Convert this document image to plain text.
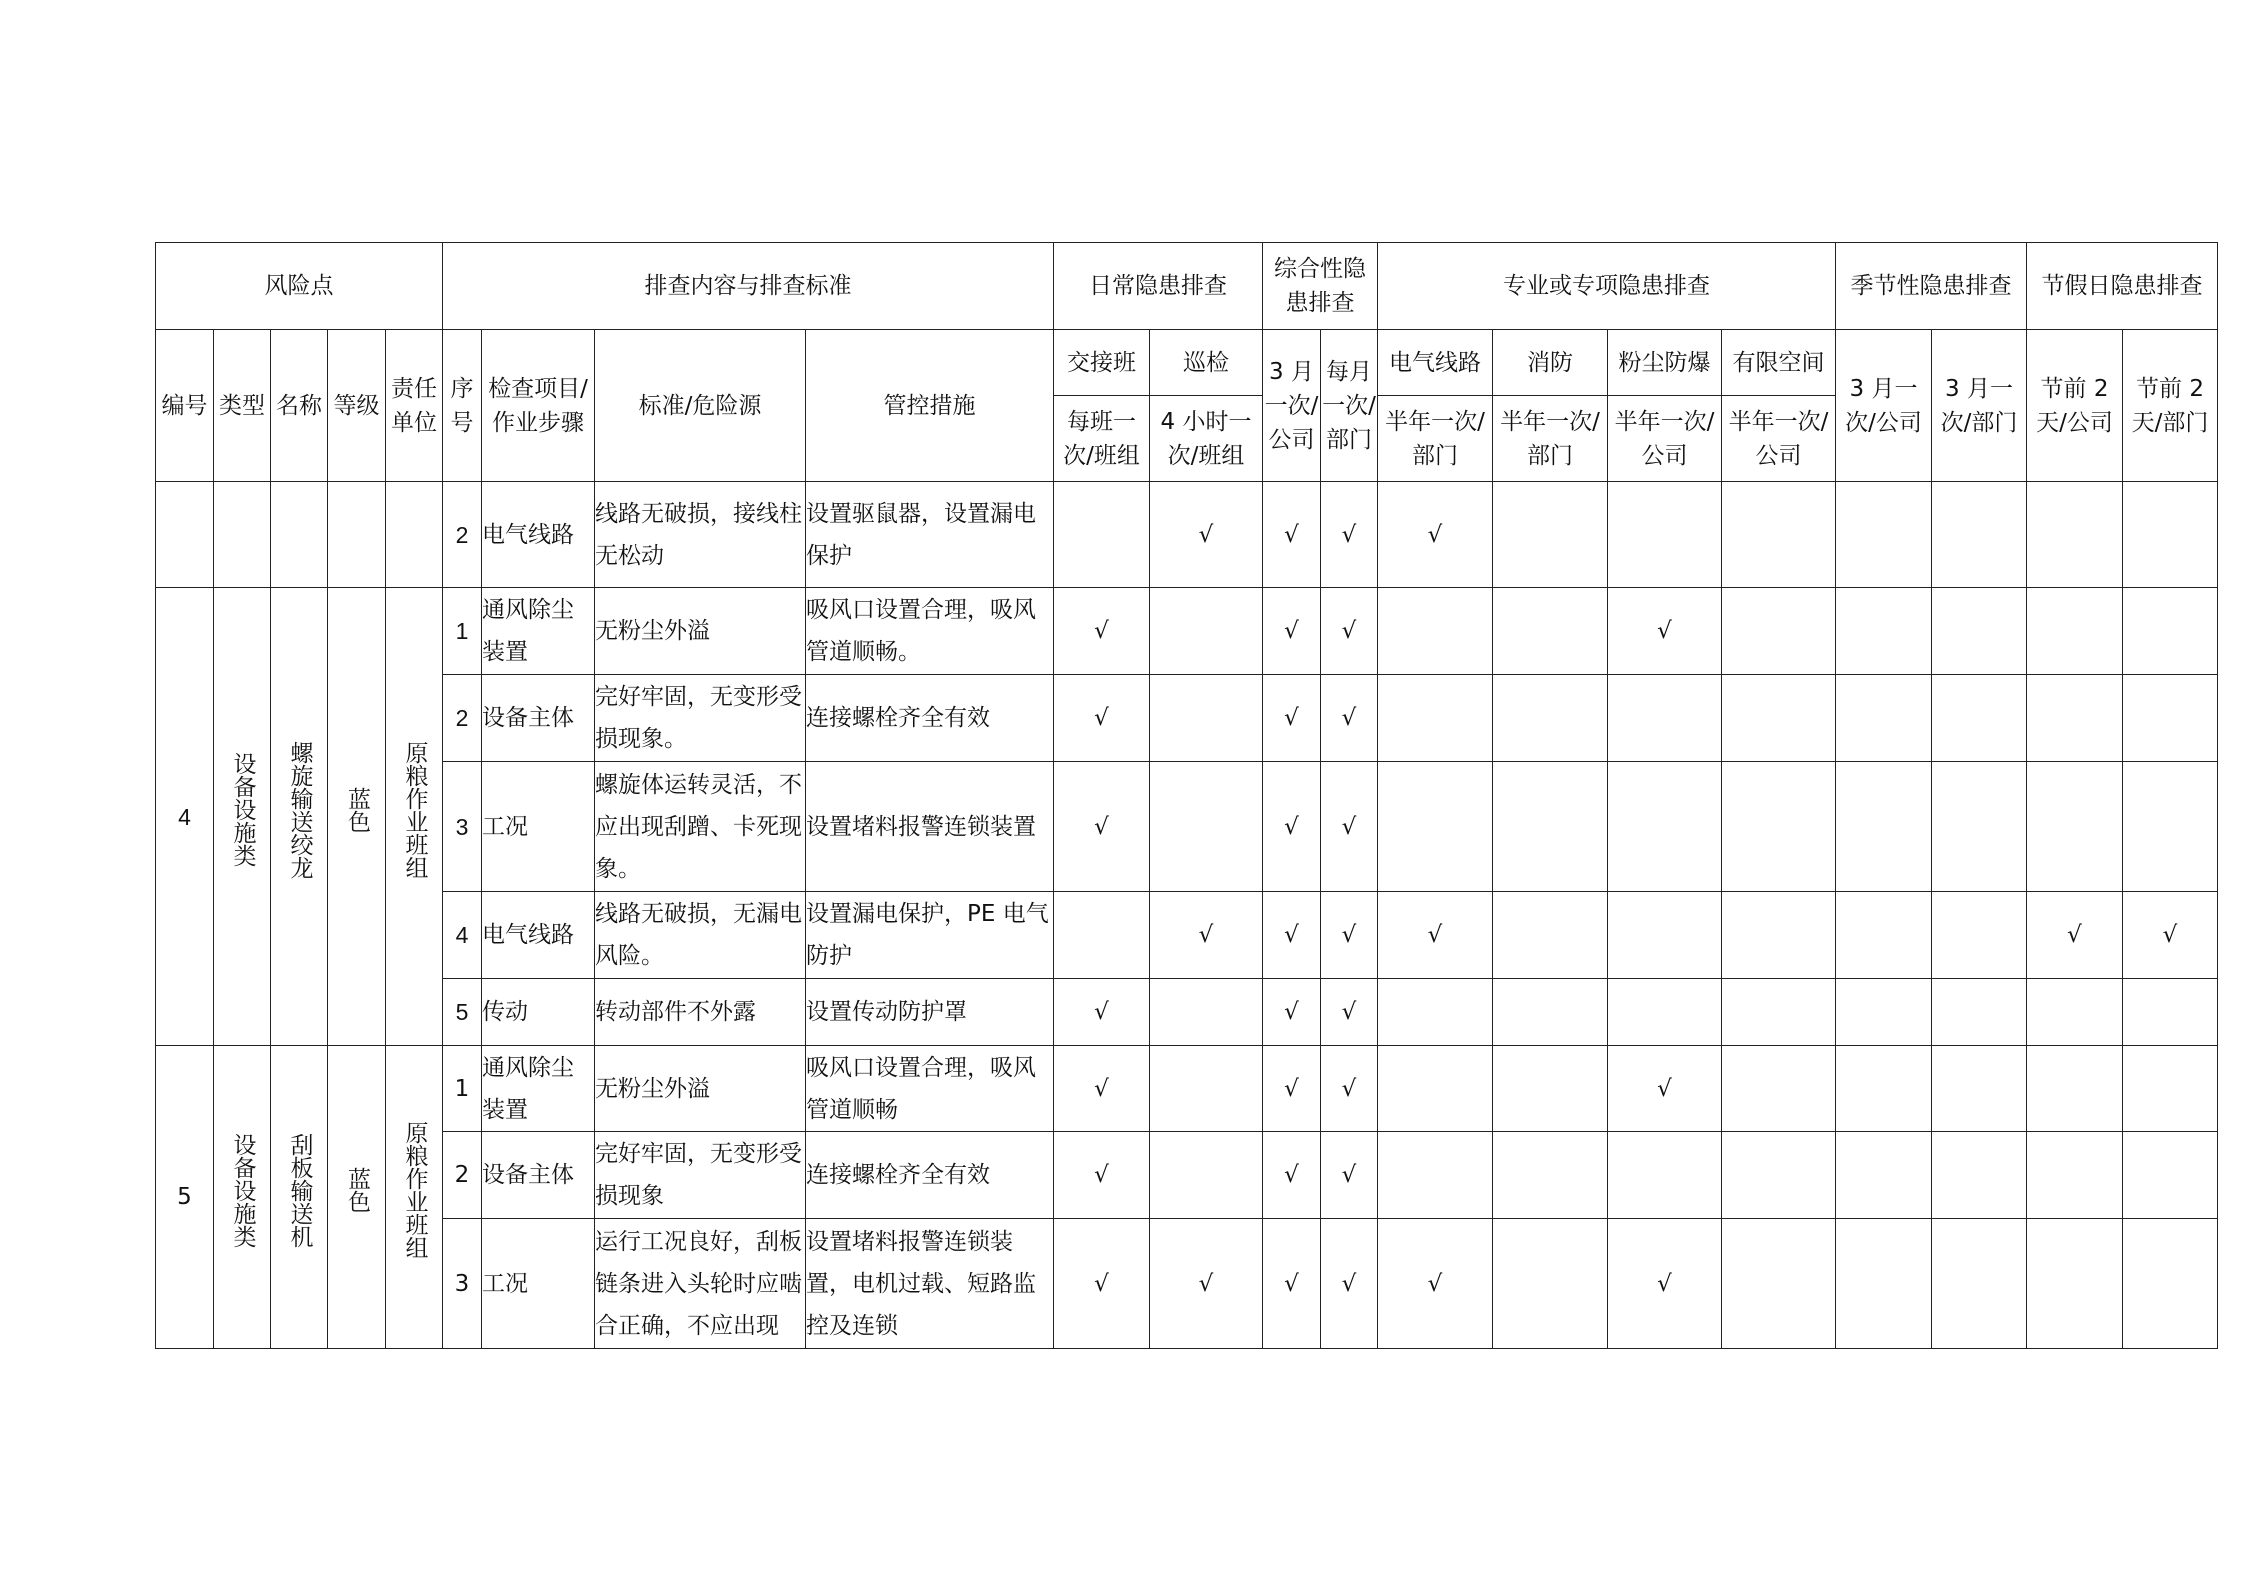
风险点					排查内容与排查标准				日常隐患排查		综合性隐患排查		专业或专项隐患排查				季节性隐患排查		节假日隐患排查	
编号	类型	名称	等级	责任单位	序号	检查项目/作业步骤	标准/危险源	管控措施	交接班	巡检	3 月一次/公司	每月一次/部门	电气线路	消防	粉尘防爆	有限空间	3 月一次/公司	3 月一次/部门	节前 2 天/公司	节前 2 天/部门
									每班一次/班组	4 小时一次/班组			半年一次/部门	半年一次/部门	半年一次/公司	半年一次/公司				
					2	电气线路	线路无破损，接线柱无松动	设置驱鼠器，设置漏电保护		√	√	√	√							
4	设备设施类	螺旋输送绞龙	蓝色	原粮作业班组	1	通风除尘装置	无粉尘外溢	吸风口设置合理，吸风管道顺畅。	√		√	√			√					
					2	设备主体	完好牢固，无变形受损现象。	连接螺栓齐全有效	√		√	√								
					3	工况	螺旋体运转灵活，不应出现刮蹭、卡死现象。	设置堵料报警连锁装置	√		√	√								
					4	电气线路	线路无破损，无漏电风险。	设置漏电保护，PE 电气防护		√	√	√	√						√	√
					5	传动	转动部件不外露	设置传动防护罩	√		√	√								
5	设备设施类	刮板输送机	蓝色	原粮作业班组	1	通风除尘装置	无粉尘外溢	吸风口设置合理，吸风管道顺畅	√		√	√			√					
					2	设备主体	完好牢固，无变形受损现象	连接螺栓齐全有效	√		√	√								
					3	工况	运行工况良好，刮板链条进入头轮时应啮合正确，不应出现	设置堵料报警连锁装置，电机过载、短路监控及连锁	√	√	√	√	√		√					
